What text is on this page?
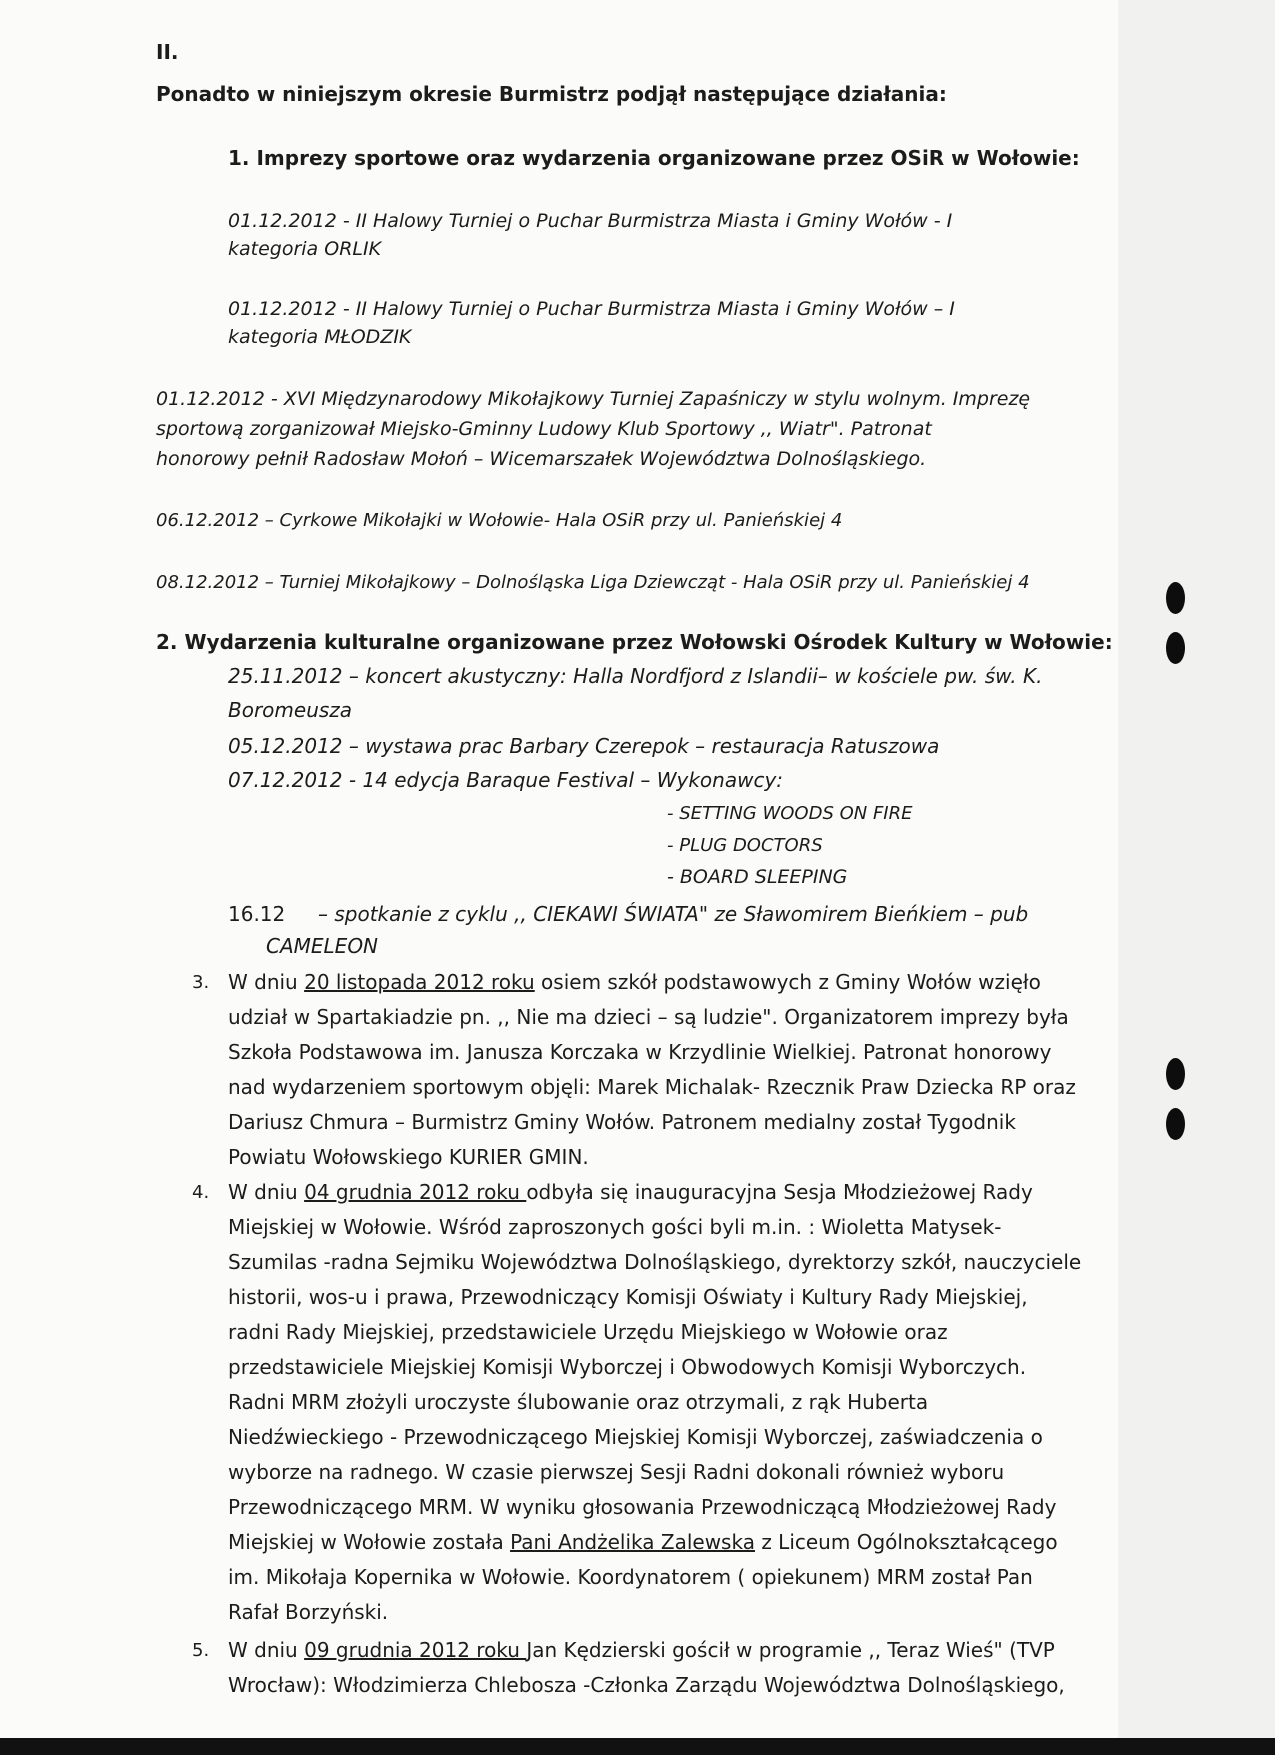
II.
Ponadto w niniejszym okresie Burmistrz podjął następujące działania:
1. Imprezy sportowe oraz wydarzenia organizowane przez OSiR w Wołowie:
01.12.2012 - II Halowy Turniej o Puchar Burmistrza Miasta i Gminy Wołów - I
kategoria ORLIK
01.12.2012 - II Halowy Turniej o Puchar Burmistrza Miasta i Gminy Wołów – I
kategoria MŁODZIK
01.12.2012 - XVI Międzynarodowy Mikołajkowy Turniej Zapaśniczy w stylu wolnym. Imprezę
sportową zorganizował Miejsko-Gminny Ludowy Klub Sportowy ,, Wiatr". Patronat
honorowy pełnił Radosław Mołoń – Wicemarszałek Województwa Dolnośląskiego.
06.12.2012 – Cyrkowe Mikołajki w Wołowie- Hala OSiR przy ul. Panieńskiej 4
08.12.2012 – Turniej Mikołajkowy – Dolnośląska Liga Dziewcząt - Hala OSiR przy ul. Panieńskiej 4
2. Wydarzenia kulturalne organizowane przez Wołowski Ośrodek Kultury w Wołowie:
25.11.2012 – koncert akustyczny: Halla Nordfjord z Islandii– w kościele pw. św. K.
Boromeusza
05.12.2012 – wystawa prac Barbary Czerepok – restauracja Ratuszowa
07.12.2012 - 14 edycja Baraque Festival – Wykonawcy:
- SETTING WOODS ON FIRE
- PLUG DOCTORS
- BOARD SLEEPING
16.12 – spotkanie z cyklu ,, CIEKAWI ŚWIATA" ze Sławomirem Bieńkiem – pub
CAMELEON
3. W dniu 20 listopada 2012 roku osiem szkół podstawowych z Gminy Wołów wzięło
udział w Spartakiadzie pn. ,, Nie ma dzieci – są ludzie". Organizatorem imprezy była
Szkoła Podstawowa im. Janusza Korczaka w Krzydlinie Wielkiej. Patronat honorowy
nad wydarzeniem sportowym objęli: Marek Michalak- Rzecznik Praw Dziecka RP oraz
Dariusz Chmura – Burmistrz Gminy Wołów. Patronem medialny został Tygodnik
Powiatu Wołowskiego KURIER GMIN.
4. W dniu 04 grudnia 2012 roku odbyła się inauguracyjna Sesja Młodzieżowej Rady
Miejskiej w Wołowie. Wśród zaproszonych gości byli m.in. : Wioletta Matysek-
Szumilas -radna Sejmiku Województwa Dolnośląskiego, dyrektorzy szkół, nauczyciele
historii, wos-u i prawa, Przewodniczący Komisji Oświaty i Kultury Rady Miejskiej,
radni Rady Miejskiej, przedstawiciele Urzędu Miejskiego w Wołowie oraz
przedstawiciele Miejskiej Komisji Wyborczej i Obwodowych Komisji Wyborczych.
Radni MRM złożyli uroczyste ślubowanie oraz otrzymali, z rąk Huberta
Niedźwieckiego - Przewodniczącego Miejskiej Komisji Wyborczej, zaświadczenia o
wyborze na radnego. W czasie pierwszej Sesji Radni dokonali również wyboru
Przewodniczącego MRM. W wyniku głosowania Przewodniczącą Młodzieżowej Rady
Miejskiej w Wołowie została Pani Andżelika Zalewska z Liceum Ogólnokształcącego
im. Mikołaja Kopernika w Wołowie. Koordynatorem ( opiekunem) MRM został Pan
Rafał Borzyński.
5. W dniu 09 grudnia 2012 roku Jan Kędzierski gościł w programie ,, Teraz Wieś" (TVP
Wrocław): Włodzimierza Chlebosza -Członka Zarządu Województwa Dolnośląskiego,
